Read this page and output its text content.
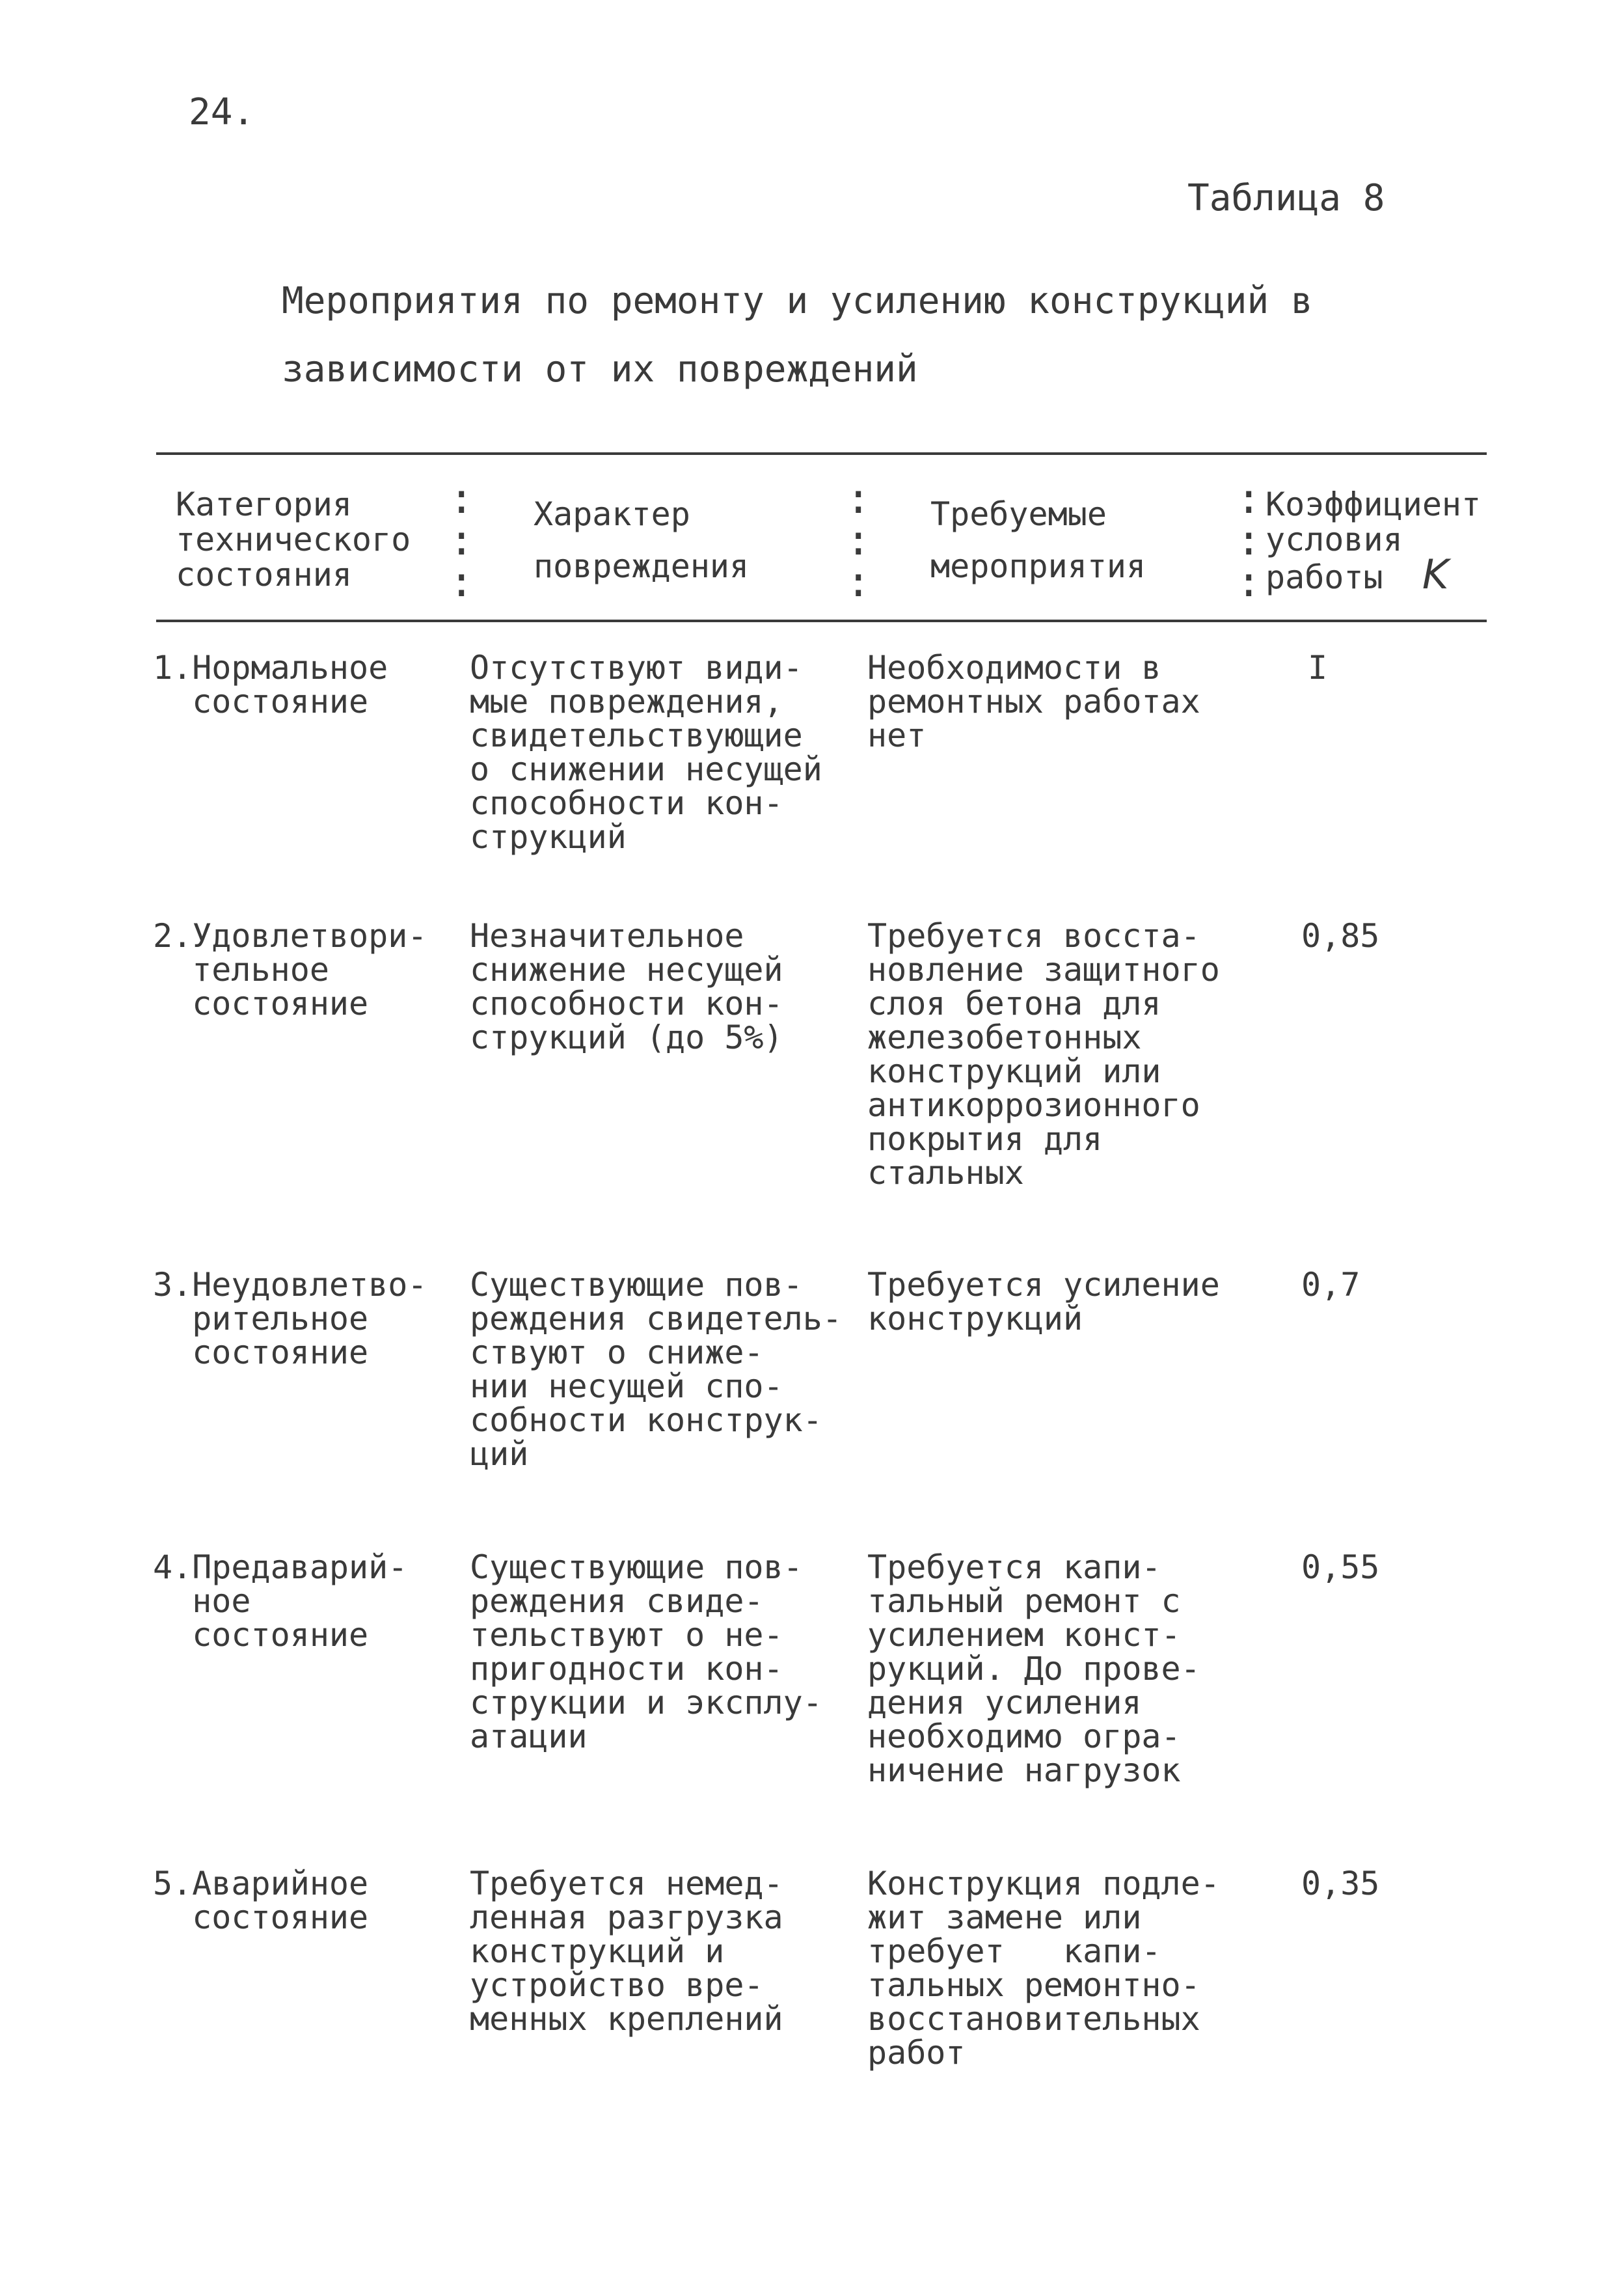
24.
Таблица 8
Мероприятия по ремонту и усилению конструкций в
зависимости от их повреждений
Категория
технического
состояния
:
:
:
Характер
повреждения
:
:
:
Требуемые
мероприятия
:
:
:
Коэффициент
условия
работы K
1.Нормальное
состояние
Отсутствуют види-
мые повреждения,
свидетельствующие
о снижении несущей
способности кон-
струкций
Необходимости в
ремонтных работах
нет
I
2.Удовлетвори-
тельное
состояние
Незначительное
снижение несущей
способности кон-
струкций (до 5%)
Требуется восста-
новление защитного
слоя бетона для
железобетонных
конструкций или
антикоррозионного
покрытия для
стальных
0,85
3.Неудовлетво-
рительное
состояние
Существующие пов-
реждения свидетель-
ствуют о сниже-
нии несущей спо-
собности конструк-
ций
Требуется усиление
конструкций
0,7
4.Предаварий-
ное
состояние
Существующие пов-
реждения свиде-
тельствуют о не-
пригодности кон-
струкции и эксплу-
атации
Требуется капи-
тальный ремонт с
усилением конст-
рукций. До прове-
дения усиления
необходимо огра-
ничение нагрузок
0,55
5.Аварийное
состояние
Требуется немед-
ленная разгрузка
конструкций и
устройство вре-
менных креплений
Конструкция подле-
жит замене или
требует   капи-
тальных ремонтно-
восстановительных
работ
0,35
